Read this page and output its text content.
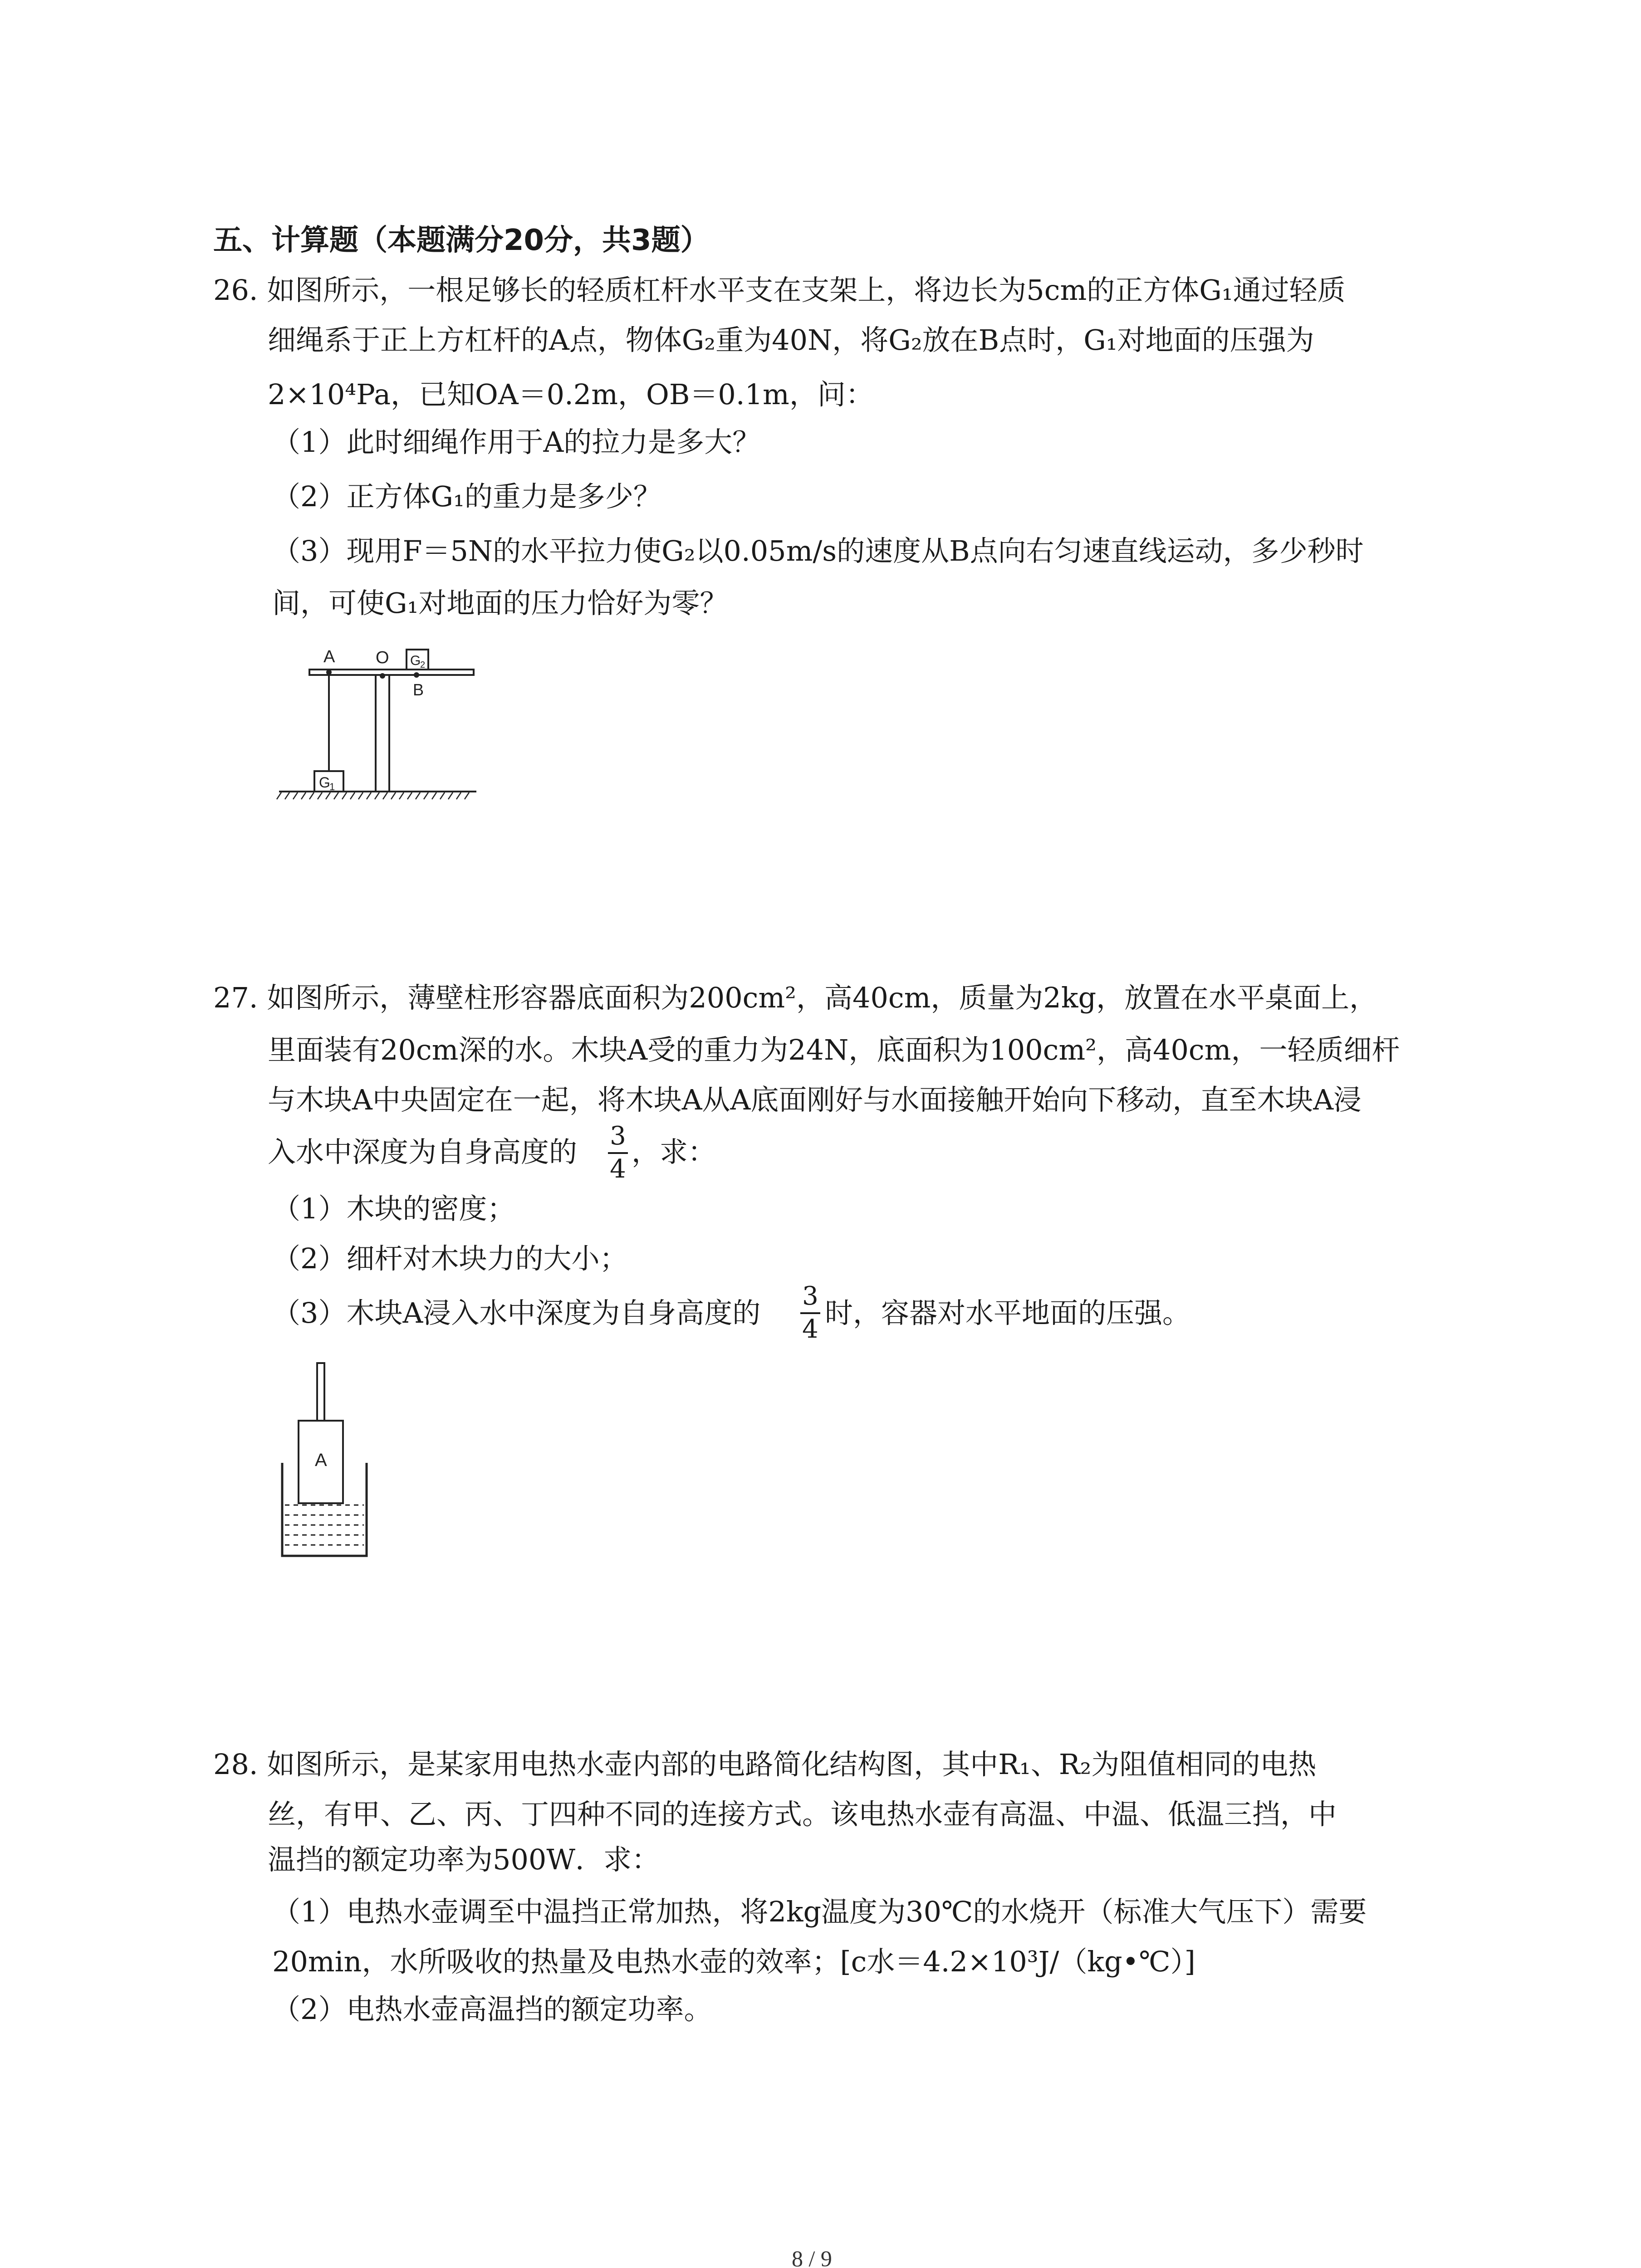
五、计算题（本题满分20分，共3题）
26. 如图所示，一根足够长的轻质杠杆水平支在支架上，将边长为5cm的正方体G₁通过轻质
细绳系于正上方杠杆的A点，物体G₂重为40N，将G₂放在B点时，G₁对地面的压强为
2×10⁴Pa，已知OA＝0.2m，OB＝0.1m，问：
（1）此时细绳作用于A的拉力是多大？
（2）正方体G₁的重力是多少？
（3）现用F＝5N的水平拉力使G₂以0.05m/s的速度从B点向右匀速直线运动，多少秒时
间，可使G₁对地面的压力恰好为零？
A O G
2
B
G
1
27. 如图所示，薄壁柱形容器底面积为200cm²，高40cm，质量为2kg，放置在水平桌面上，
里面装有20cm深的水。木块A受的重力为24N，底面积为100cm²，高40cm，一轻质细杆
与木块A中央固定在一起，将木块A从A底面刚好与水面接触开始向下移动，直至木块A浸
入水中深度为自身高度的 3
4
，求：
（1）木块的密度；
（2）细杆对木块力的大小；
（3）木块A浸入水中深度为自身高度的
3
4 时，容器对水平地面的压强。
A
28. 如图所示，是某家用电热水壶内部的电路简化结构图，其中R₁、R₂为阻值相同的电热
丝，有甲、乙、丙、丁四种不同的连接方式。该电热水壶有高温、中温、低温三挡，中
温挡的额定功率为500W．求：
（1）电热水壶调至中温挡正常加热，将2kg温度为30℃的水烧开（标准大气压下）需要
20min，水所吸收的热量及电热水壶的效率；[c水＝4.2×10³J/（kg•℃）]
（2）电热水壶高温挡的额定功率。
8 / 9
